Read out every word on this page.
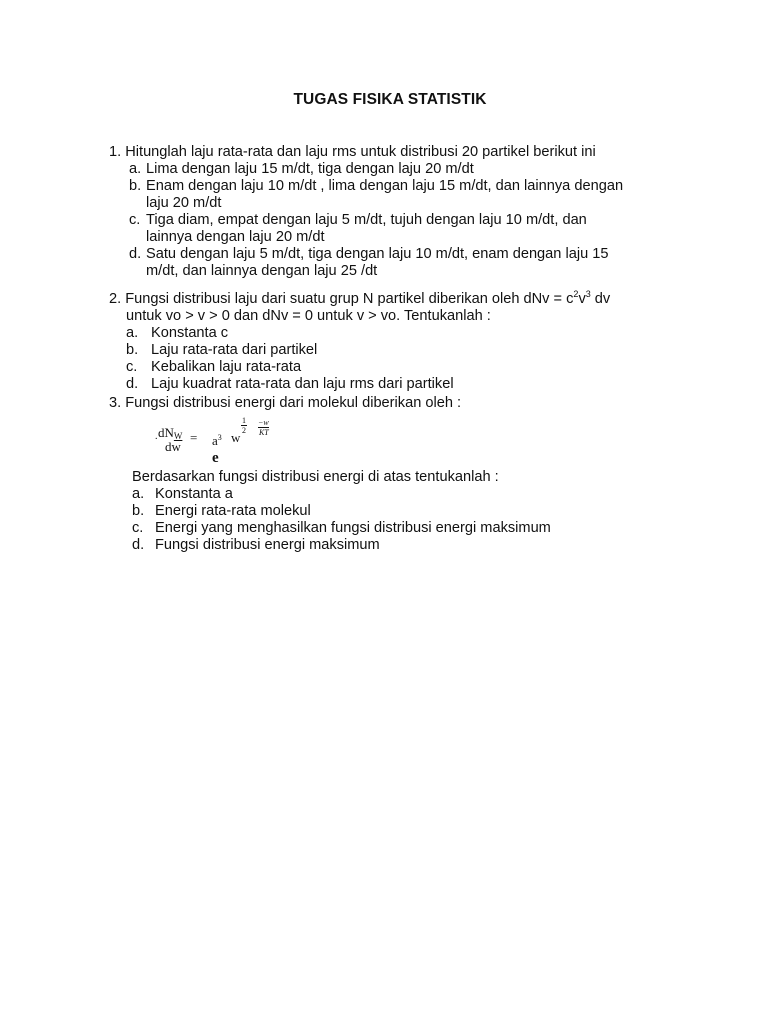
TUGAS FISIKA STATISTIK
1. Hitunglah laju rata-rata dan laju rms untuk distribusi 20 partikel berikut ini
a. Lima dengan laju 15 m/dt, tiga dengan laju 20 m/dt
b. Enam dengan laju 10 m/dt , lima dengan laju 15 m/dt, dan lainnya dengan
laju 20 m/dt
c. Tiga diam, empat dengan laju 5 m/dt, tujuh dengan laju 10 m/dt, dan
lainnya dengan laju 20 m/dt
d. Satu dengan laju 5 m/dt, tiga dengan laju 10 m/dt, enam dengan laju 15
m/dt, dan lainnya dengan laju 25 /dt
2. Fungsi distribusi laju dari suatu grup N partikel diberikan oleh dNv = $c^2v^3$ dv
untuk vo > v > 0 dan dNv = 0 untuk v > vo. Tentukanlah :
a. Konstanta c
b. Laju rata-rata dari partikel
c. Kebalikan laju rata-rata
d. Laju kuadrat rata-rata dan laju rms dari partikel
3. Fungsi distribusi energi dari molekul diberikan oleh :
. $dN_W$
dw
= $a^3$ w
$\frac{1}{2} \frac{-w}{KT}$
e
Berdasarkan fungsi distribusi energi di atas tentukanlah :
a. Konstanta a
b. Energi rata-rata molekul
c. Energi yang menghasilkan fungsi distribusi energi maksimum
d. Fungsi distribusi energi maksimum
